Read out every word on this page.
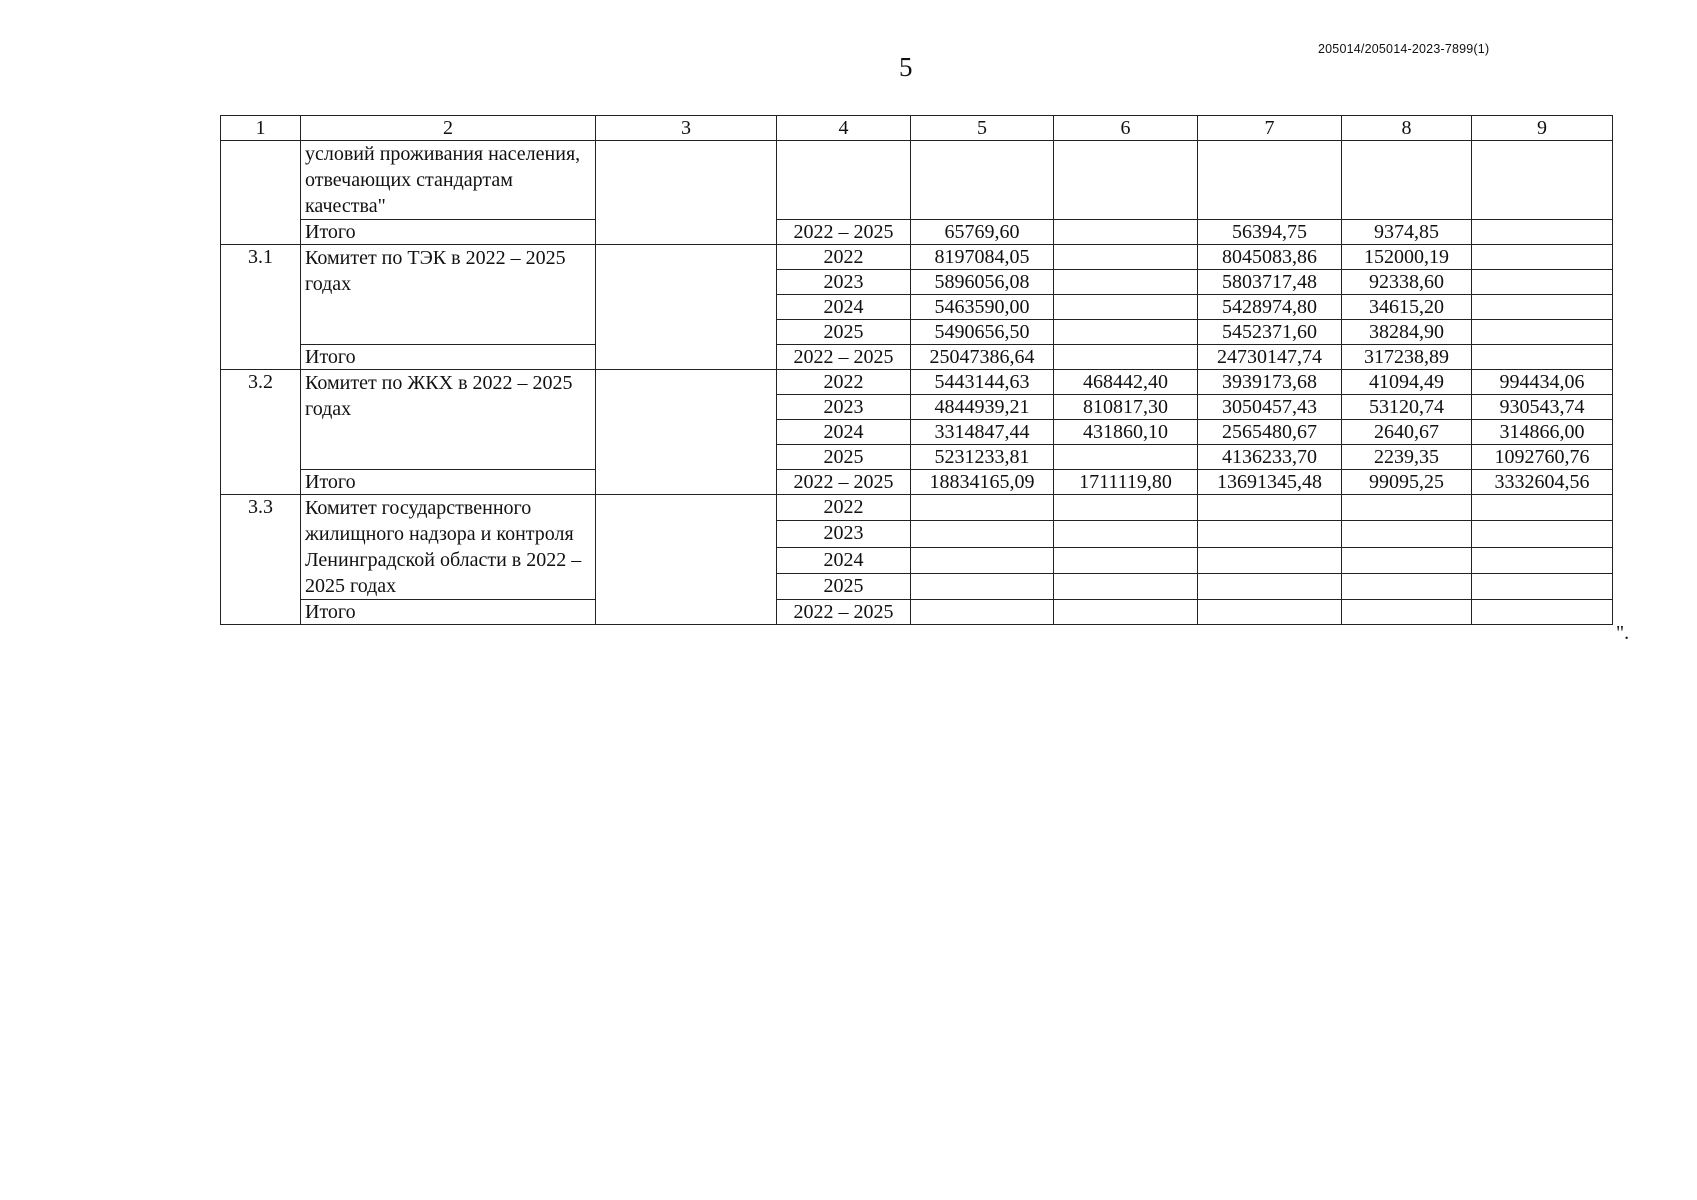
205014/205014-2023-7899(1)
5
1	2	3	4	5	6	7	8	9
	условий проживания населения, отвечающих стандартам качества"							
	Итого		2022 – 2025	65769,60		56394,75	9374,85	
3.1	Комитет по ТЭК в 2022 – 2025 годах		2022	8197084,05		8045083,86	152000,19	
			2023	5896056,08		5803717,48	92338,60	
			2024	5463590,00		5428974,80	34615,20	
			2025	5490656,50		5452371,60	38284,90	
	Итого		2022 – 2025	25047386,64		24730147,74	317238,89	
3.2	Комитет по ЖКХ в 2022 – 2025 годах		2022	5443144,63	468442,40	3939173,68	41094,49	994434,06
			2023	4844939,21	810817,30	3050457,43	53120,74	930543,74
			2024	3314847,44	431860,10	2565480,67	2640,67	314866,00
			2025	5231233,81		4136233,70	2239,35	1092760,76
	Итого		2022 – 2025	18834165,09	1711119,80	13691345,48	99095,25	3332604,56
3.3	Комитет государственного жилищного надзора и контроля Ленинградской области в 2022 – 2025 годах		2022					
			2023					
			2024					
			2025					
	Итого		2022 – 2025					
".
